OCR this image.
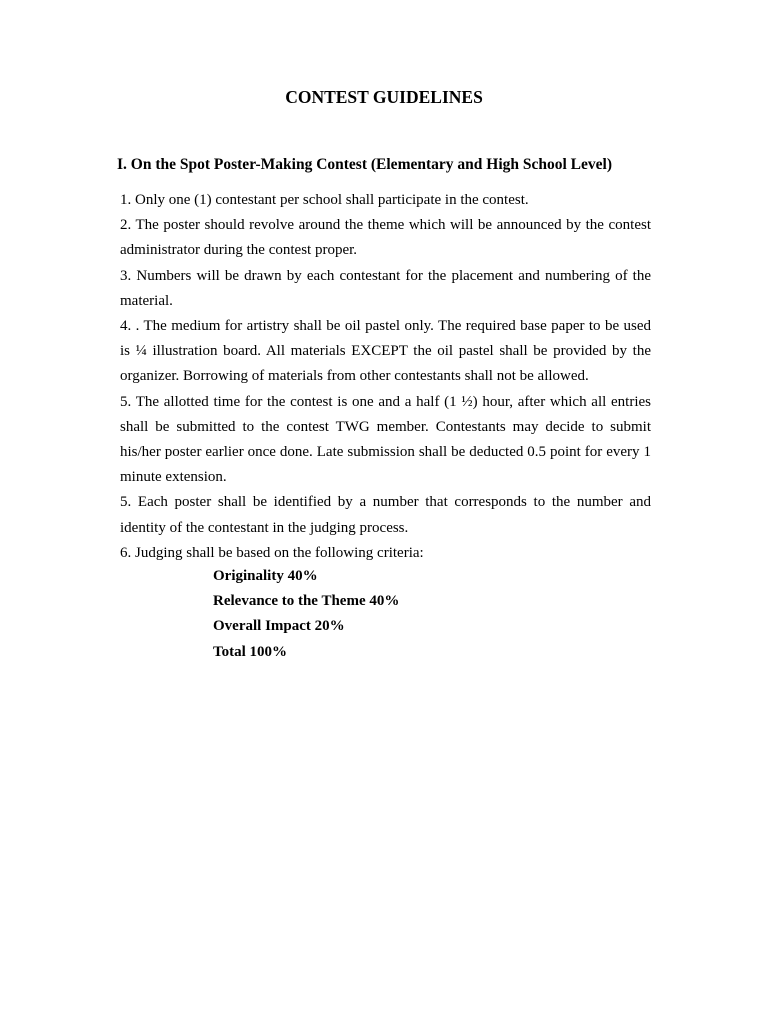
CONTEST GUIDELINES
I. On the Spot Poster-Making Contest (Elementary and High School Level)

1. Only one (1) contestant per school shall participate in the contest.

2. The poster should revolve around the theme which will be announced by the contest administrator during the contest proper.

3. Numbers will be drawn by each contestant for the placement and numbering of the material.

4. . The medium for artistry shall be oil pastel only. The required base paper to be used is ¼ illustration board. All materials EXCEPT the oil pastel shall be provided by the organizer. Borrowing of materials from other contestants shall not be allowed.

5. The allotted time for the contest is one and a half (1 ½) hour, after which all entries shall be submitted to the contest TWG member. Contestants may decide to submit his/her poster earlier once done. Late submission shall be deducted 0.5 point for every 1 minute extension.

5. Each poster shall be identified by a number that corresponds to the number and identity of the contestant in the judging process.

6. Judging shall be based on the following criteria:

Originality 40%

Relevance to the Theme 40%

Overall Impact 20%

Total 100%
